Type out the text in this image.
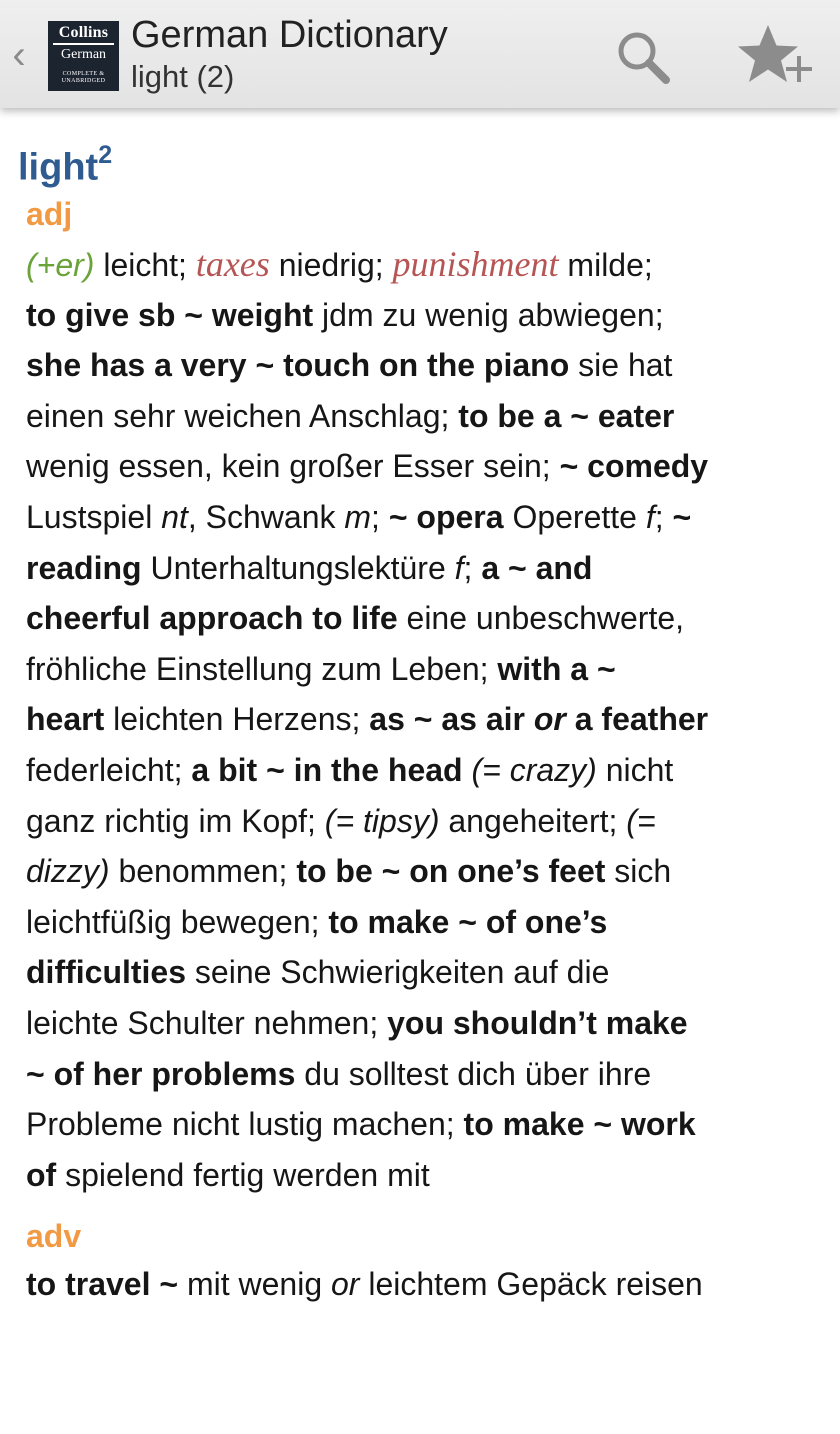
‹
Collins
German
COMPLETE & UNABRIDGED
German Dictionary
light (2)
light$^2$
adj
(+er) leicht; taxes niedrig; punishment milde;
to give sb ~ weight jdm zu wenig abwiegen;
she has a very ~ touch on the piano sie hat
einen sehr weichen Anschlag; to be a ~ eater
wenig essen, kein großer Esser sein; ~ comedy
Lustspiel nt, Schwank m; ~ opera Operette f; ~
reading Unterhaltungslektüre f; a ~ and
cheerful approach to life eine unbeschwerte,
fröhliche Einstellung zum Leben; with a ~
heart leichten Herzens; as ~ as air or a feather
federleicht; a bit ~ in the head (= crazy) nicht
ganz richtig im Kopf; (= tipsy) angeheitert; (=
dizzy) benommen; to be ~ on one’s feet sich
leichtfüßig bewegen; to make ~ of one’s
difficulties seine Schwierigkeiten auf die
leichte Schulter nehmen; you shouldn’t make
~ of her problems du solltest dich über ihre
Probleme nicht lustig machen; to make ~ work
of spielend fertig werden mit
adv
to travel ~ mit wenig or leichtem Gepäck reisen
